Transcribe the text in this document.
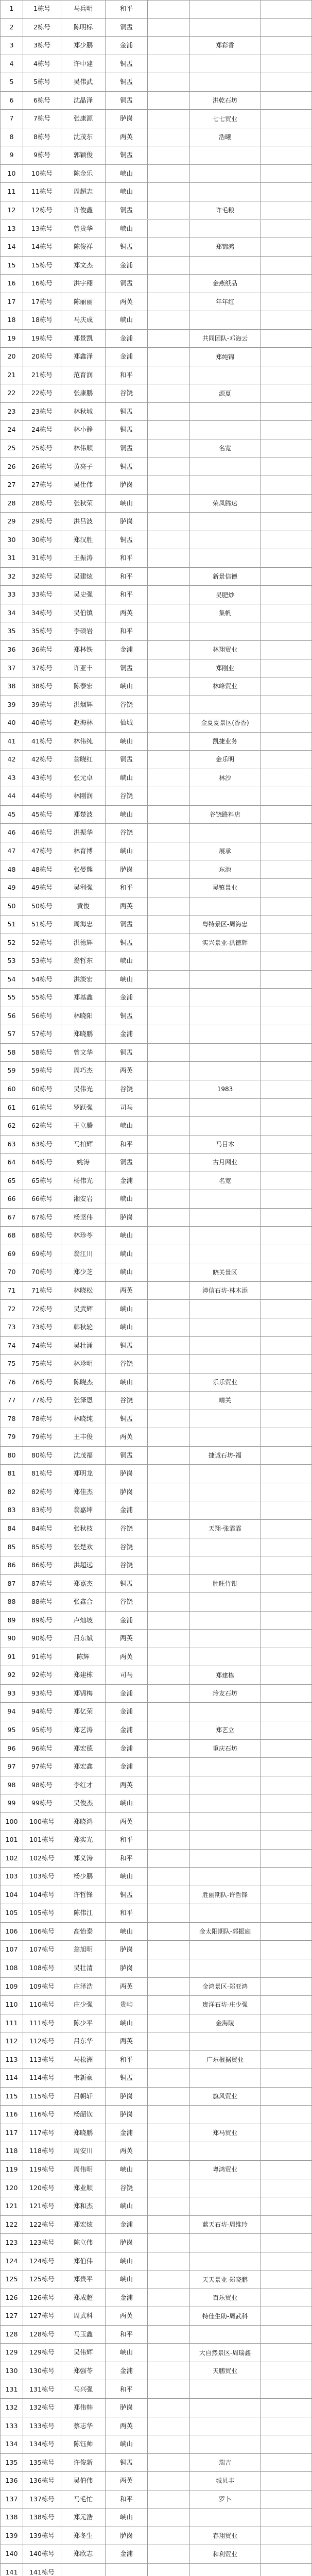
1	1栋号	马兵明	和平
2	2栋号	陈明标	铜盂
3	3栋号	郑少鹏	金浦	郑彩香
4	4栋号	许中建	铜盂
5	5栋号	吴伟武	铜盂
6	6栋号	沈晶泽	铜盂	洪乾石坊
7	7栋号	张康源	胪岗	七七贸业
8	8栋号	沈茂东	两英	浩曦
9	9栋号	郭颖俊	铜盂
10	10栋号	陈金乐	峡山
11	11栋号	周超志	峡山
12	12栋号	许俊鑫	铜盂	许毛粮
13	13栋号	曾贵华	峡山
14	14栋号	陈俊祥	铜盂	郑锦鸿
15	15栋号	郑文杰	金浦
16	16栋号	洪宇翔	铜盂	金燕纸品
17	17栋号	陈丽丽	两英	年年红
18	18栋号	马庆成	峡山
19	19栋号	郑景凯	金浦	共同团队-邓海云
20	20栋号	郑鑫泽	金浦	郑纯锦
21	21栋号	范育润	和平
22	22栋号	张康鹏	谷饶	源夏
23	23栋号	林秋城	铜盂
24	24栋号	林小静	铜盂
25	25栋号	林伟顺	铜盂	名宽
26	26栋号	黄亮子	铜盂
27	27栋号	吴仕伟	胪岗
28	28栋号	张秋荣	峡山	荣凤腾达
29	29栋号	洪吕波	胪岗
30	30栋号	郑汉胜	铜盂
31	31栋号	王振涛	和平
32	32栋号	吴建炫	和平	新景信德
33	33栋号	吴史强	和平	吴肥炒
34	34栋号	吴伯镇	两英	集帆
35	35栋号	李硕岩	和平
36	36栋号	郑林铁	金浦	林翔贸业
37	37栋号	许亚丰	铜盂	郑刚业
38	38栋号	陈泰宏	峡山	林峰贸业
39	39栋号	洪烟辉	谷饶
40	40栋号	赵海林	仙城	金夏夏景区(香香)
41	41栋号	林伟纯	峡山	凯捷业务
42	42栋号	翁晓红	铜盂	金乐明
43	43栋号	张元卓	峡山	林沙
44	44栋号	林刚润	谷饶
45	45栋号	郑楚波	峡山	谷饶路料店
46	46栋号	洪振华	谷饶
47	47栋号	林育博	峡山	展承
48	48栋号	张晏熊	胪岗	东池
49	49栋号	吴利强	和平	吴镇景业
50	50栋号	黄俊	两英
51	51栋号	周海忠	铜盂	粤特景区-周海忠
52	52栋号	洪德辉	铜盂	实兴景业-洪德辉
53	53栋号	翁哲东	峡山
54	54栋号	洪淡宏	峡山
55	55栋号	郑基鑫	金浦
56	56栋号	林晓阳	铜盂
57	57栋号	郑晓鹏	金浦
58	58栋号	曾文华	铜盂
59	59栋号	周巧杰	两英
60	60栋号	吴伟光	谷饶	1983
61	61栋号	罗跃强	司马
62	62栋号	王立腾	峡山
63	63栋号	马柏辉	和平	马目木
64	64栋号	姚涛	铜盂	古月网业
65	65栋号	杨伟光	金浦	名宽
66	66栋号	湘安岩	峡山
67	67栋号	杨坚伟	胪岗
68	68栋号	林珍苓	峡山
69	69栋号	翁江川	峡山
70	70栋号	郑少芝	峡山	晓关景区
71	71栋号	林晓松	两英	漳信石坊-林木添
72	72栋号	吴武辉	峡山
73	73栋号	韩秋轮	峡山
74	74栋号	吴壮涌	铜盂
75	75栋号	林珍明	谷饶
76	76栋号	陈晓杰	峡山	乐乐贸业
77	77栋号	张泽恩	谷饶	靖关
78	78栋号	林晓纯	铜盂
79	79栋号	王丰俊	两英
80	80栋号	沈茂福	铜盂	捷诚石坊-福
81	81栋号	郑明龙	胪岗
82	82栋号	郑佳杰	胪岗
83	83栋号	翁嘉坤	金浦
84	84栋号	张秋枝	谷饶	天翔-张霏霏
85	85栋号	张楚欢	谷饶
86	86栋号	洪超远	谷饶
87	87栋号	郑嘉杰	铜盂	胜旺竹钳
88	88栋号	张鑫合	谷饶
89	89栋号	卢灿坡	金浦
90	90栋号	吕东斌	两英
91	91栋号	陈辉	两英
92	92栋号	郑建栋	司马	郑建栋
93	93栋号	郑锦梅	金浦	玲友石坊
94	94栋号	郑亿荣	金浦
95	95栋号	郑艺涛	金浦	郑艺立
96	96栋号	郑宏德	金浦	重庆石坊
97	97栋号	郑宏鑫	金浦
98	98栋号	李红才	两英
99	99栋号	吴俊杰	峡山
100	100栋号	郑晓鸿	两英
101	101栋号	郑实光	和平
102	102栋号	郑义涛	和平
103	103栋号	杨少鹏	峡山
104	104栋号	许哲锋	铜盂	胜丽期队-许哲锋
105	105栋号	陈伟江	和平
106	106栋号	高怡泰	峡山	金太阳期队-郭振庭
107	107栋号	翁旭明	胪岗
108	108栋号	吴壮清	胪岗
109	109栋号	庄泽浩	两英	金鸿景区-郑亚鸿
110	110栋号	庄少强	贵屿	贵洋石坊-庄少强
111	111栋号	陈少平	峡山	金海陵
112	112栋号	吕东华	两英
113	113栋号	马松洲	和平	广东根据贸业
114	114栋号	韦新豪	铜盂
115	115栋号	吕朝轩	胪岗	旗风贸业
116	116栋号	杨韶钦	胪岗
117	117栋号	郑晓鹏	金浦	郑马贸业
118	118栋号	周安川	两英
119	119栋号	周伟明	峡山	粤鸿贸业
120	120栋号	郑业顺	谷饶
121	121栋号	郑和杰	峡山
122	122栋号	郑宏炫	金浦	蓝天石坊-周维玲
123	123栋号	陈立伟	胪岗
124	124栋号	郑伯伟	峡山
125	125栋号	郑贵平	峡山	天天景业-郑晓鹏
126	126栋号	郑成超	金浦	百乐贸业
127	127栋号	周武科	两英	特佳生助-周武科
128	128栋号	马玉鑫	和平
129	129栋号	吴伟辉	峡山	大自然景区-周瑞鑫
130	130栋号	郑强苓	金浦	天鹏贸业
131	131栋号	马兴强	和平
132	132栋号	郑伟韩	胪岗
133	133栋号	蔡志华	两英
134	134栋号	陈钰帅	峡山
135	135栋号	许俊新	铜盂	瑞吉
136	136栋号	吴伯伟	两英	城贝丰
137	137栋号	马毛忙	和平	罗卜
138	138栋号	郑元浩	峡山
139	139栋号	郑冬生	胪岗	春翔贸业
140	140栋号	郑欣志	金浦	和利贸业
141	141栋号
